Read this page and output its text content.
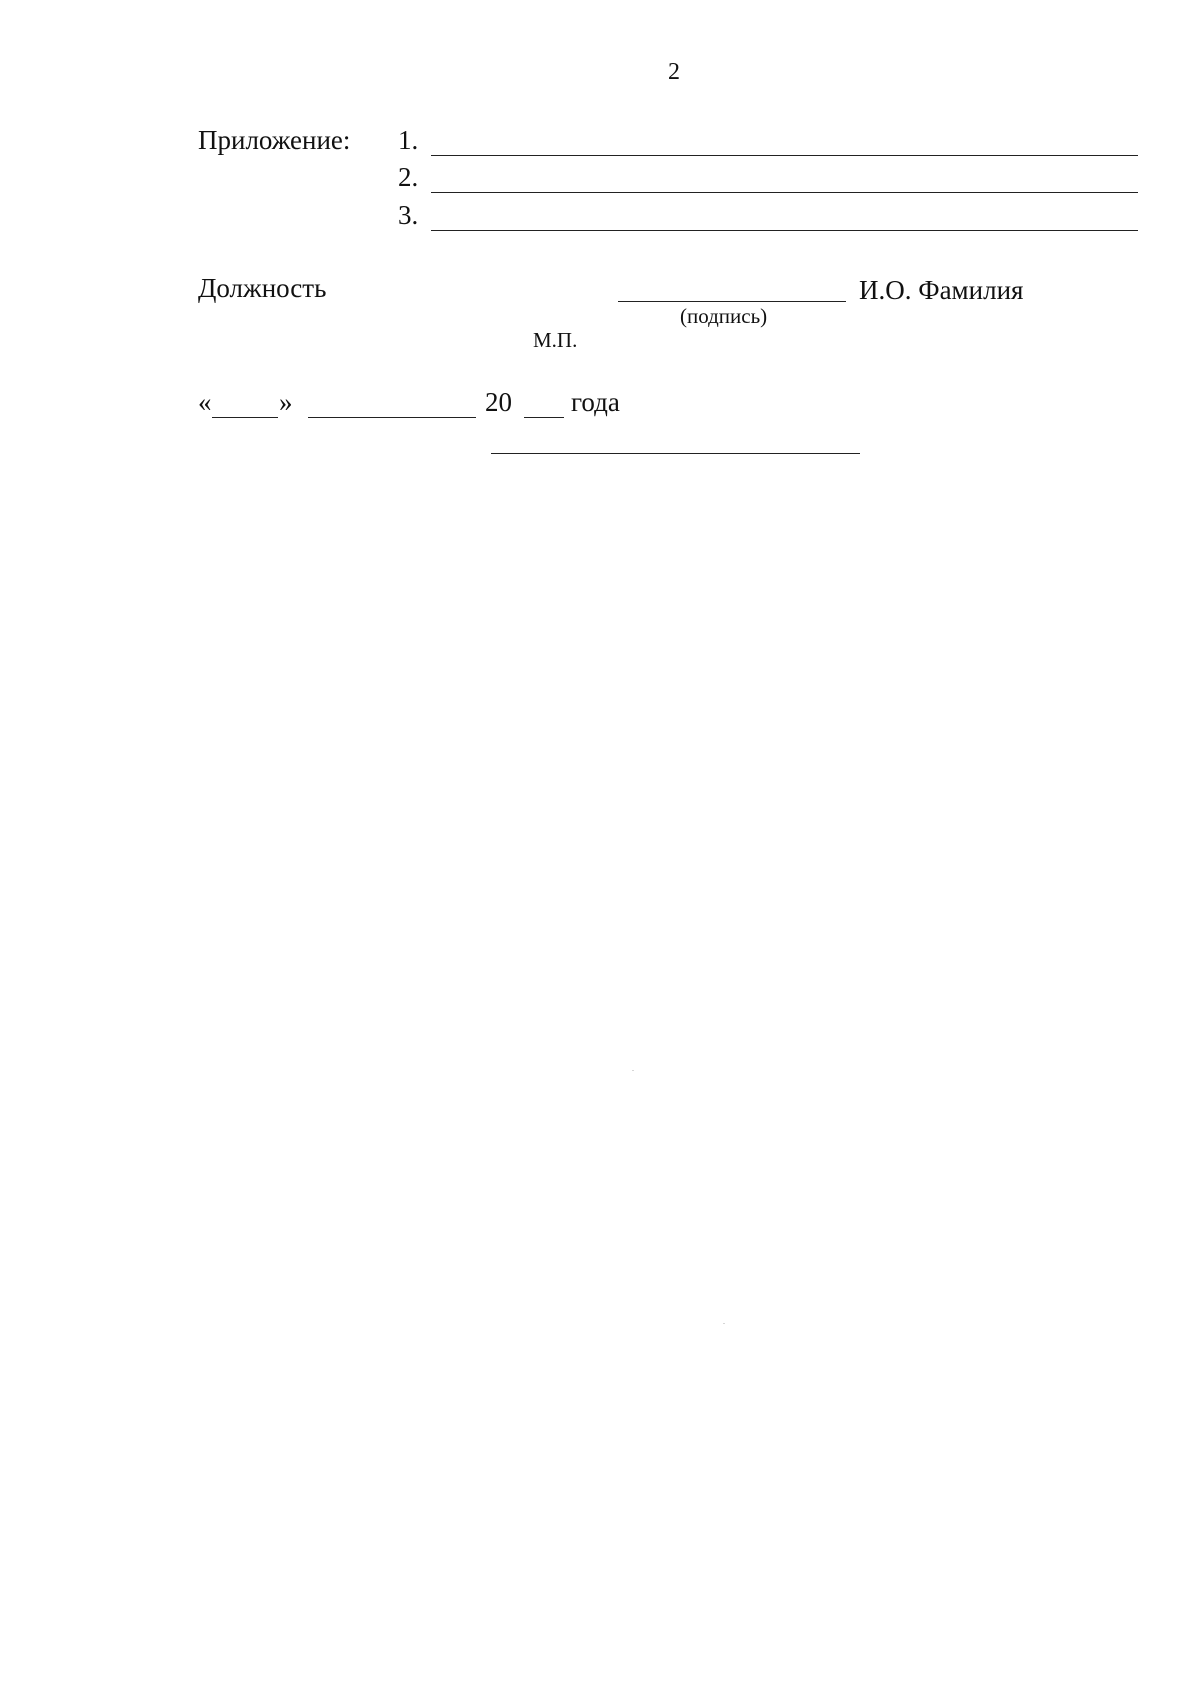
2
Приложение: 1.
2.
3.
Должность
(подпись)
И.О. Фамилия
М.П.
«	»	20 года
